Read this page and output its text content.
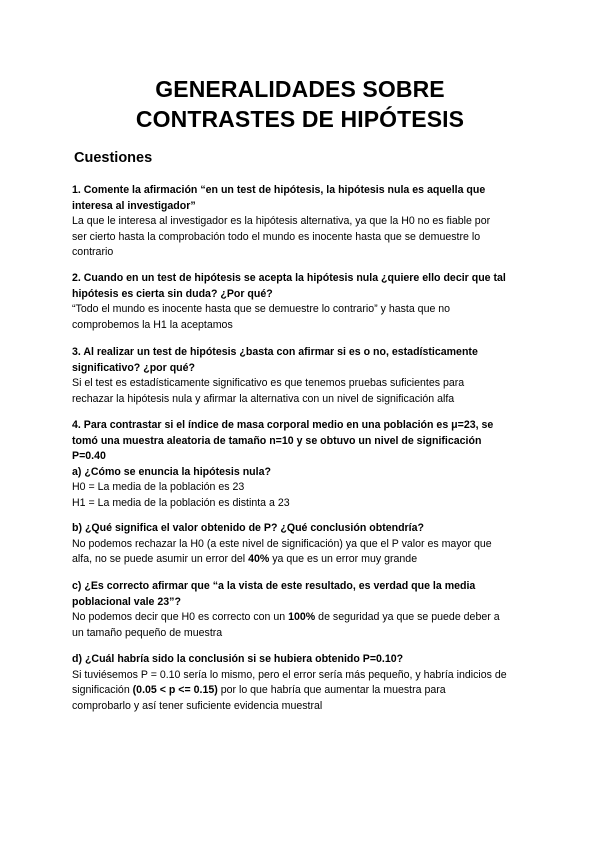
GENERALIDADES SOBRE
CONTRASTES DE HIPÓTESIS
Cuestiones

1. Comente la afirmación “en un test de hipótesis, la hipótesis nula es aquella que

interesa al investigador”

La que le interesa al investigador es la hipótesis alternativa, ya que la H0 no es fiable por

ser cierto hasta la comprobación todo el mundo es inocente hasta que se demuestre lo

contrario

2. Cuando en un test de hipótesis se acepta la hipótesis nula ¿quiere ello decir que tal

hipótesis es cierta sin duda? ¿Por qué?

“Todo el mundo es inocente hasta que se demuestre lo contrario” y hasta que no

comprobemos la H1 la aceptamos

3. Al realizar un test de hipótesis ¿basta con afirmar si es o no, estadísticamente

significativo? ¿por qué?

Si el test es estadísticamente significativo es que tenemos pruebas suficientes para

rechazar la hipótesis nula y afirmar la alternativa con un nivel de significación alfa

4. Para contrastar si el índice de masa corporal medio en una población es μ=23, se

tomó una muestra aleatoria de tamaño n=10 y se obtuvo un nivel de significación

P=0.40

a) ¿Cómo se enuncia la hipótesis nula?

H0 = La media de la población es 23

H1 = La media de la población es distinta a 23

b) ¿Qué significa el valor obtenido de P? ¿Qué conclusión obtendría?

No podemos rechazar la H0 (a este nivel de significación) ya que el P valor es mayor que

alfa, no se puede asumir un error del 40% ya que es un error muy grande

c) ¿Es correcto afirmar que “a la vista de este resultado, es verdad que la media

poblacional vale 23”?

No podemos decir que H0 es correcto con un 100% de seguridad ya que se puede deber a

un tamaño pequeño de muestra

d) ¿Cuál habría sido la conclusión si se hubiera obtenido P=0.10?

Si tuviésemos P = 0.10 sería lo mismo, pero el error sería más pequeño, y habría indicios de

significación (0.05 < p <= 0.15) por lo que habría que aumentar la muestra para

comprobarlo y así tener suficiente evidencia muestral
